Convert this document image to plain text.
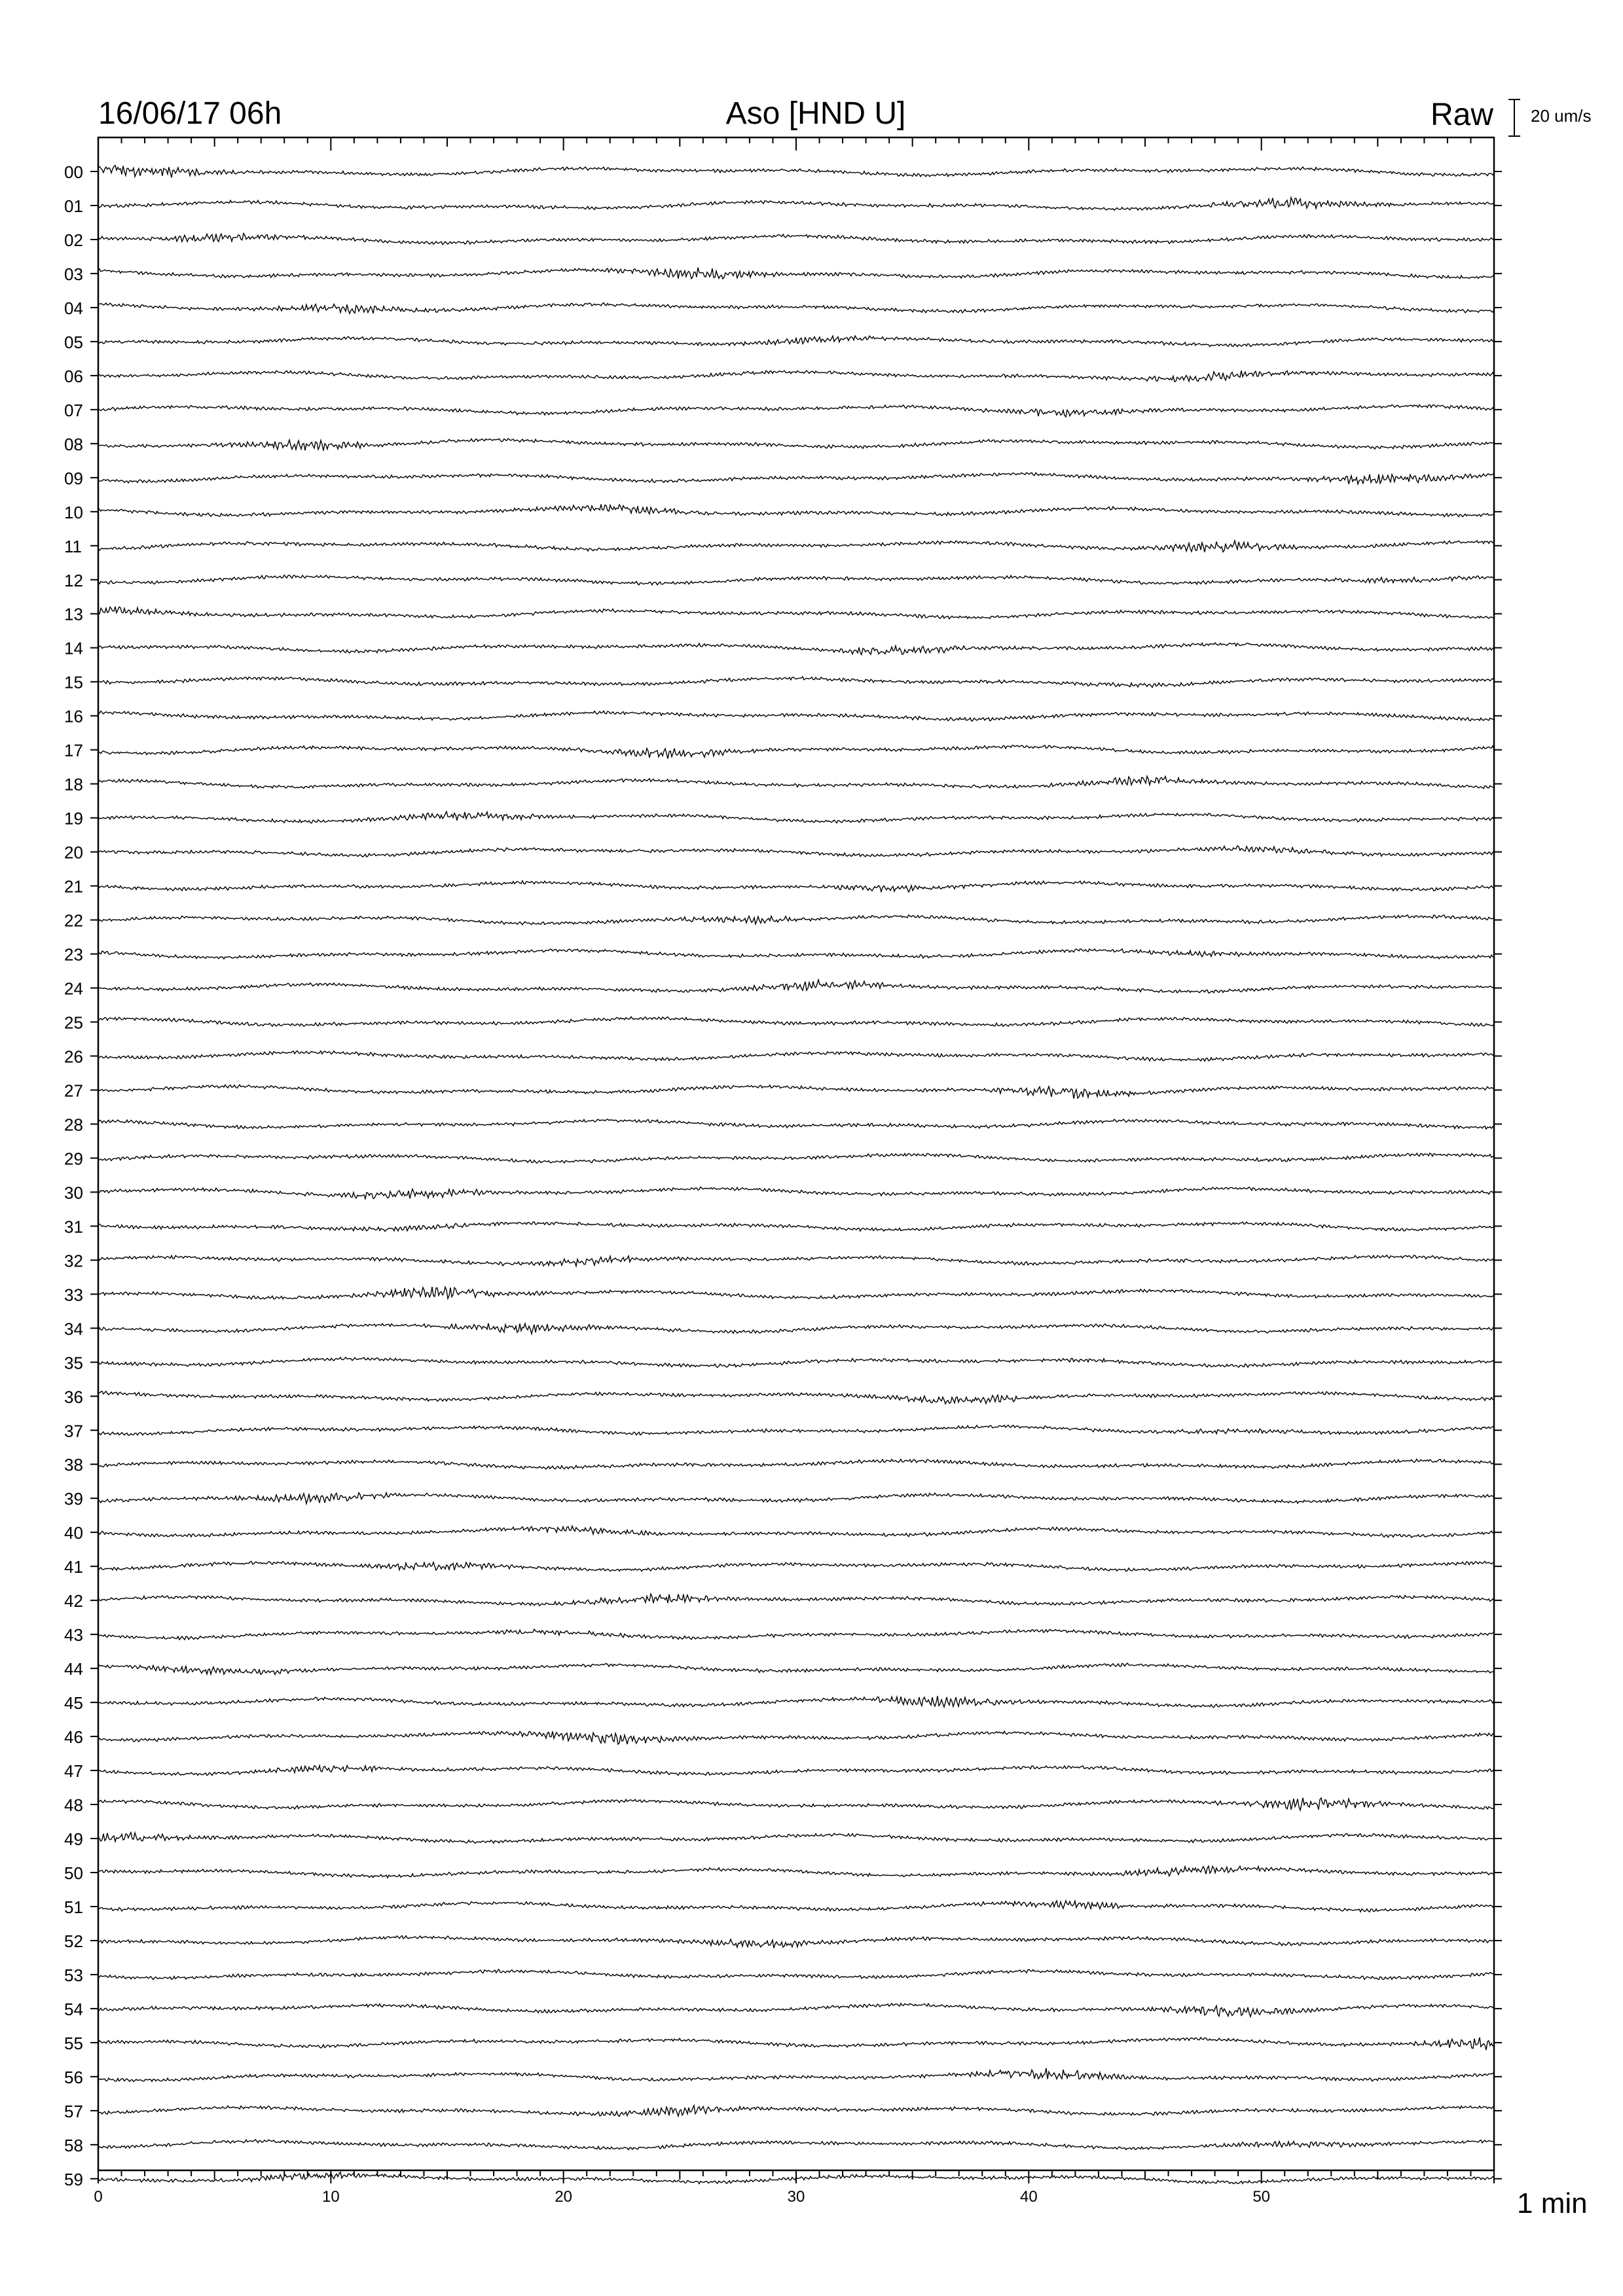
00
01
02
03
04
05
06
07
08
09
10
11
12
13
14
15
16
17
18
19
20
21
22
23
24
25
26
27
28
29
30
31
32
33
34
35
36
37
38
39
40
41
42
43
44
45
46
47
48
49
50
51
52
53
54
55
56
57
58
59
0	10	20	30	40	50
16/06/17 06h	Aso [HND U]	Raw 20 um/s
1 min
